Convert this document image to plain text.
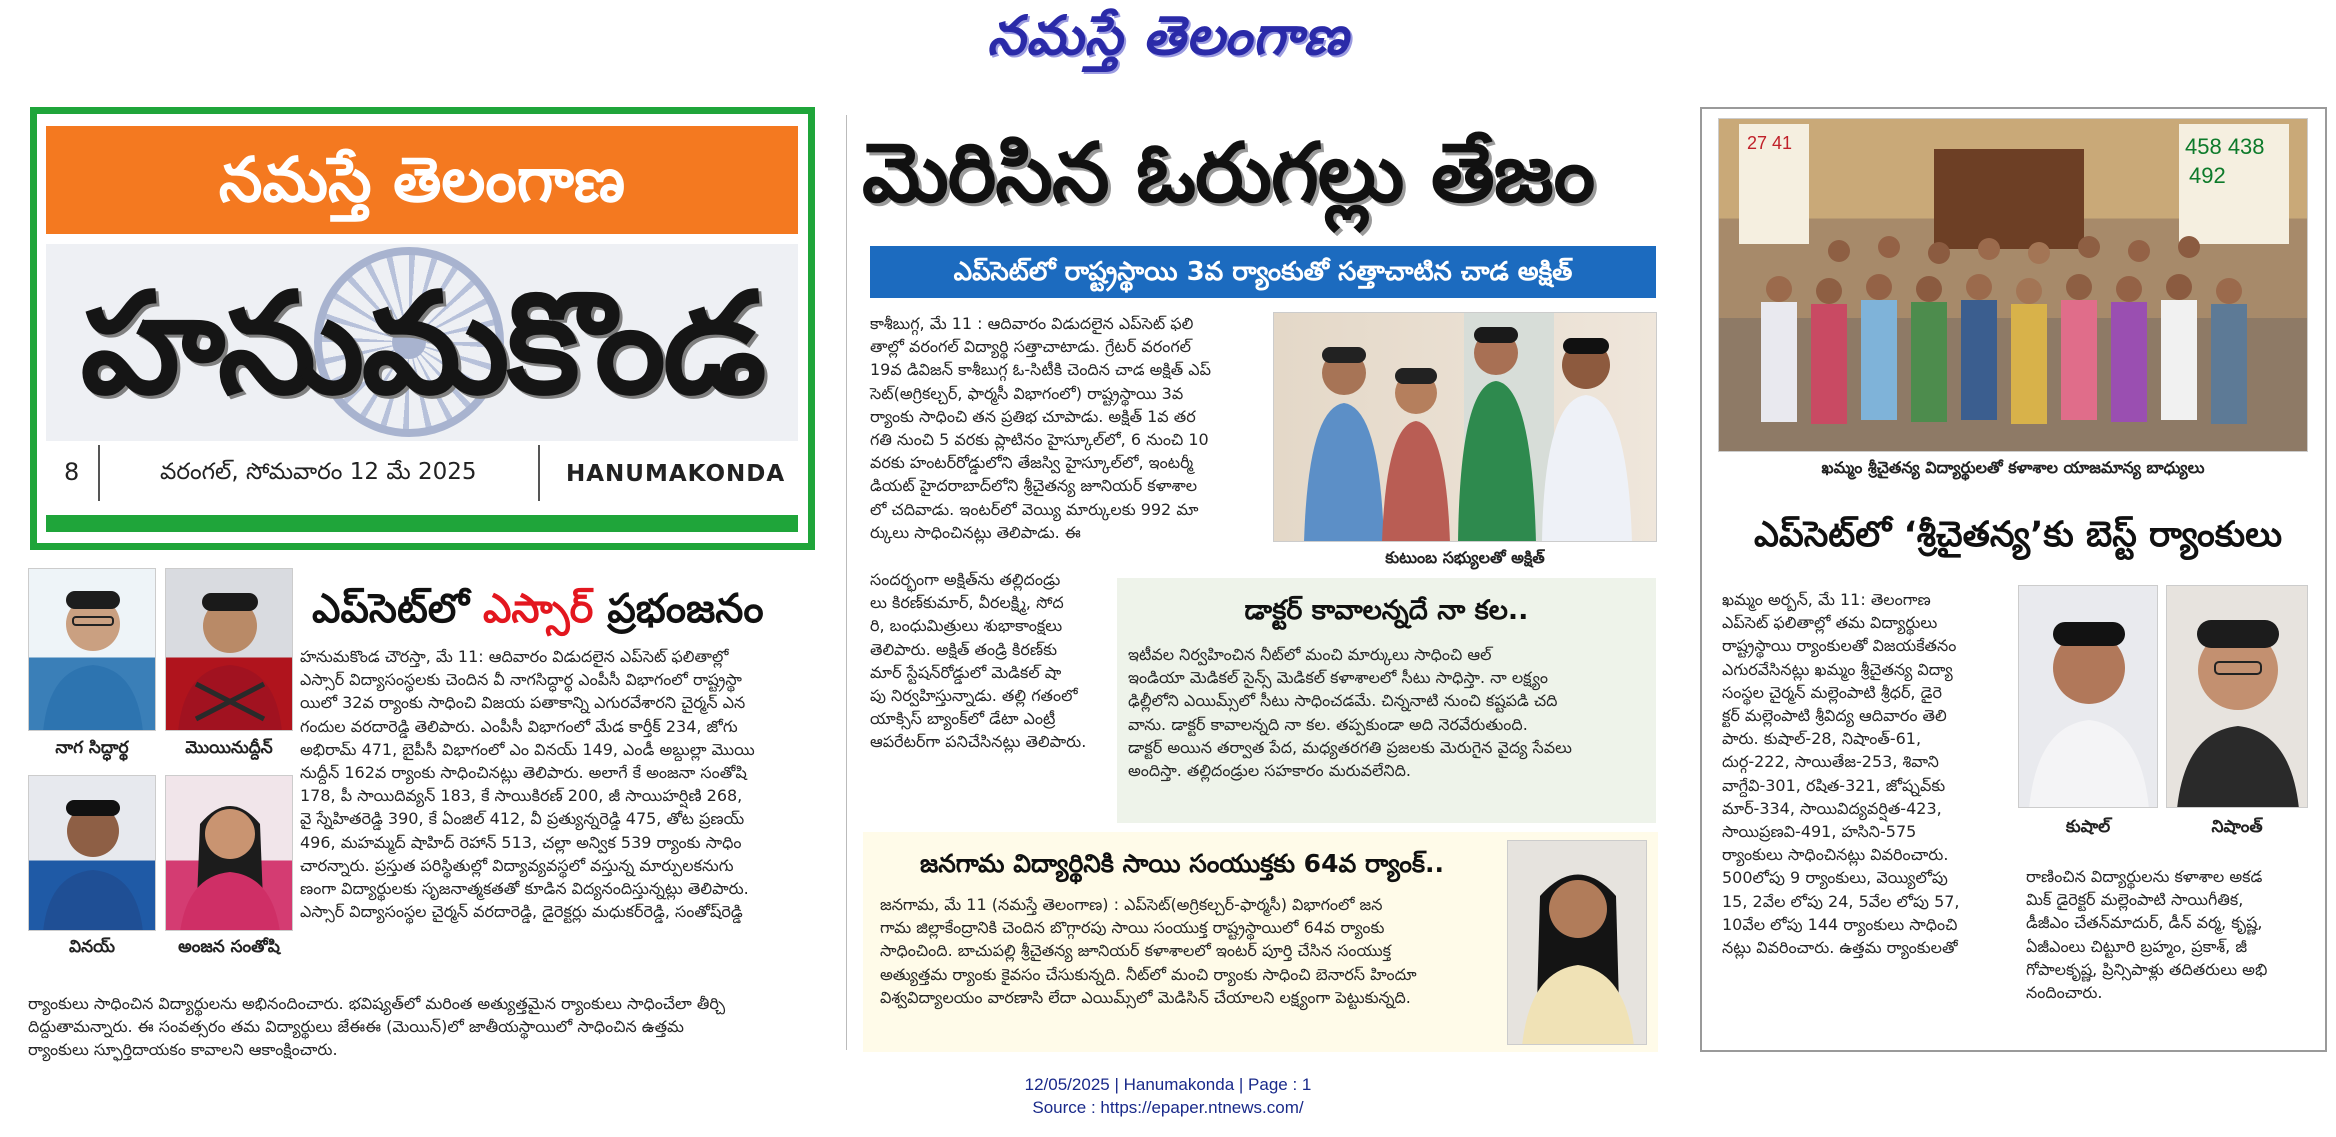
నమస్తే తెలంగాణ
నమస్తే తెలంగాణ
హనుమకొండ
8	వరంగల్, సోమవారం 12 మే 2025	HANUMAKONDA
నాగ సిద్ధార్థ	మొయినుద్దీన్
వినయ్	అంజన సంతోషి
ఎప్‌సెట్‌లో ఎస్సార్ ప్రభంజనం
హనుమకొండ చౌరస్తా, మే 11: ఆదివారం విడుదలైన ఎప్‌సెట్ ఫలితాల్లో
ఎస్సార్ విద్యాసంస్థలకు చెందిన వీ నాగసిద్ధార్థ ఎంపీసీ విభాగంలో రాష్ట్రస్థా
యిలో 32వ ర్యాంకు సాధించి విజయ పతాకాన్ని ఎగురవేశారని చైర్మన్ ఎన
గందుల వరదారెడ్డి తెలిపారు. ఎంపీసీ విభాగంలో మేడ కార్తీక్ 234, జోగు
అభిరామ్ 471, బైపీసీ విభాగంలో ఎం వినయ్ 149, ఎండీ అబ్దుల్లా మొయి
నుద్దీన్ 162వ ర్యాంకు సాధించినట్లు తెలిపారు. అలాగే కే అంజనా సంతోషి
178, పీ సాయిదివ్యన్ 183, కే సాయికిరణ్ 200, జీ సాయిహర్షిణి 268,
వై స్నేహితరెడ్డి 390, కే ఏంజిల్ 412, వీ ప్రత్యున్నరెడ్డి 475, తోట ప్రణయ్
496, మహమ్మద్ షాహిద్ రెహాన్ 513, చల్లా అన్విక 539 ర్యాంకు సాధిం
చారన్నారు. ప్రస్తుత పరిస్థితుల్లో విద్యావ్యవస్థలో వస్తున్న మార్పులకనుగు
ణంగా విద్యార్థులకు సృజనాత్మకతతో కూడిన విద్యనందిస్తున్నట్లు తెలిపారు.
ఎస్సార్ విద్యాసంస్థల చైర్మన్ వరదారెడ్డి, డైరెక్టర్లు మధుకర్‌రెడ్డి, సంతోష్‌రెడ్డి
ర్యాంకులు సాధించిన విద్యార్థులను అభినందించారు. భవిష్యత్‌లో మరింత అత్యుత్తమైన ర్యాంకులు సాధించేలా తీర్చి
దిద్దుతామన్నారు. ఈ సంవత్సరం తమ విద్యార్థులు జేఈఈ (మెయిన్)లో జాతీయస్థాయిలో సాధించిన ఉత్తమ
ర్యాంకులు స్ఫూర్తిదాయకం కావాలని ఆకాంక్షించారు.
మెరిసిన ఓరుగల్లు తేజం
ఎప్‌సెట్‌లో రాష్ట్రస్థాయి 3వ ర్యాంకుతో సత్తాచాటిన చాడ అక్షిత్
కాశీబుగ్గ, మే 11 : ఆదివారం విడుదలైన ఎప్‌సెట్ ఫలి
తాల్లో వరంగల్ విద్యార్థి సత్తాచాటాడు. గ్రేటర్ వరంగల్
19వ డివిజన్ కాశీబుగ్గ ఓ-సిటీకి చెందిన చాడ అక్షిత్ ఎప్
సెట్(అగ్రికల్చర్, ఫార్మసీ విభాగంలో) రాష్ట్రస్థాయి 3వ
ర్యాంకు సాధించి తన ప్రతిభ చూపాడు. అక్షిత్ 1వ తర
గతి నుంచి 5 వరకు ప్లాటినం హైస్కూల్‌లో, 6 నుంచి 10
వరకు హంటర్‌రోడ్డులోని తేజస్వి హైస్కూల్‌లో, ఇంటర్మీ
డియట్ హైదరాబాద్‌లోని శ్రీచైతన్య జూనియర్ కళాశాల
లో చదివాడు. ఇంటర్‌లో వెయ్యి మార్కులకు 992 మా
ర్కులు సాధించినట్లు తెలిపాడు. ఈ
కుటుంబ సభ్యులతో అక్షిత్
సందర్భంగా అక్షిత్‌ను తల్లిదండ్రు
లు కిరణ్‌కుమార్, వీరలక్ష్మి, సోద
రి, బంధుమిత్రులు శుభాకాంక్షలు
తెలిపారు. అక్షిత్ తండ్రి కిరణ్‌కు
మార్ స్టేషన్‌రోడ్డులో మెడికల్ షా
పు నిర్వహిస్తున్నాడు. తల్లి గతంలో
యాక్సిస్ బ్యాంక్‌లో డేటా ఎంట్రీ
ఆపరేటర్‌గా పనిచేసినట్లు తెలిపారు.
డాక్టర్ కావాలన్నదే నా కల..
ఇటీవల నిర్వహించిన నీట్‌లో మంచి మార్కులు సాధించి ఆల్
ఇండియా మెడికల్ సైన్స్ మెడికల్ కళాశాలలో సీటు సాధిస్తా. నా లక్ష్యం
ఢిల్లీలోని ఎయిమ్స్‌లో సీటు సాధించడమే. చిన్ననాటి నుంచి కష్టపడి చది
వాను. డాక్టర్ కావాలన్నది నా కల. తప్పకుండా అది నెరవేరుతుంది.
డాక్టర్ అయిన తర్వాత పేద, మధ్యతరగతి ప్రజలకు మెరుగైన వైద్య సేవలు
అందిస్తా. తల్లిదండ్రుల సహకారం మరువలేనిది.
జనగామ విద్యార్థినికి సాయి సంయుక్తకు 64వ ర్యాంక్..
జనగామ, మే 11 (నమస్తే తెలంగాణ) : ఎప్‌సెట్(అగ్రికల్చర్-ఫార్మసీ) విభాగంలో జన
గామ జిల్లాకేంద్రానికి చెందిన బొగ్గారపు సాయి సంయుక్త రాష్ట్రస్థాయిలో 64వ ర్యాంకు
సాధించింది. బాచుపల్లి శ్రీచైతన్య జూనియర్ కళాశాలలో ఇంటర్ పూర్తి చేసిన సంయుక్త
అత్యుత్తమ ర్యాంకు కైవసం చేసుకున్నది. నీట్‌లో మంచి ర్యాంకు సాధించి బెనారస్ హిందూ
విశ్వవిద్యాలయం వారణాసి లేదా ఎయిమ్స్‌లో మెడిసిన్ చేయాలని లక్ష్యంగా పెట్టుకున్నది.
27 41	458 438
492
ఖమ్మం శ్రీచైతన్య విద్యార్థులతో కళాశాల యాజమాన్య బాధ్యులు
ఎప్‌సెట్‌లో ‘శ్రీచైతన్య’కు బెస్ట్ ర్యాంకులు
ఖమ్మం అర్బన్, మే 11: తెలంగాణ
ఎప్‌సెట్ ఫలితాల్లో తమ విద్యార్థులు
రాష్ట్రస్థాయి ర్యాంకులతో విజయకేతనం
ఎగురవేసినట్లు ఖమ్మం శ్రీచైతన్య విద్యా
సంస్థల చైర్మన్ మల్లెంపాటి శ్రీధర్, డైరె
క్టర్ మల్లెంపాటి శ్రీవిద్య ఆదివారం తెలి
పారు. కుషాల్-28, నిషాంత్-61,
దుర్గ-222, సాయితేజ-253, శివాని
వాగ్దేవి-301, రషిత-321, జోష్నవ్‌కు
మార్-334, సాయివిద్యవర్షిత-423,
సాయిప్రణవి-491, హసిని-575
ర్యాంకులు సాధించినట్లు వివరించారు.
500లోపు 9 ర్యాంకులు, వెయ్యిలోపు
15, 2వేల లోపు 24, 5వేల లోపు 57,
10వేల లోపు 144 ర్యాంకులు సాధించి
నట్లు వివరించారు. ఉత్తమ ర్యాంకులతో
కుషాల్	నిషాంత్
రాణించిన విద్యార్థులను కళాశాల అకడ
మిక్ డైరెక్టర్ మల్లెంపాటి సాయిగీతిక,
డీజీఎం చేతన్‌మాదుర్, డీన్ వర్మ, కృష్ణ,
ఏజీఎంలు చిట్టూరి బ్రహ్మం, ప్రకాశ్, జీ
గోపాలకృష్ణ, ప్రిన్సిపాళ్లు తదితరులు అభి
నందించారు.
12/05/2025 | Hanumakonda | Page : 1
Source : https://epaper.ntnews.com/
